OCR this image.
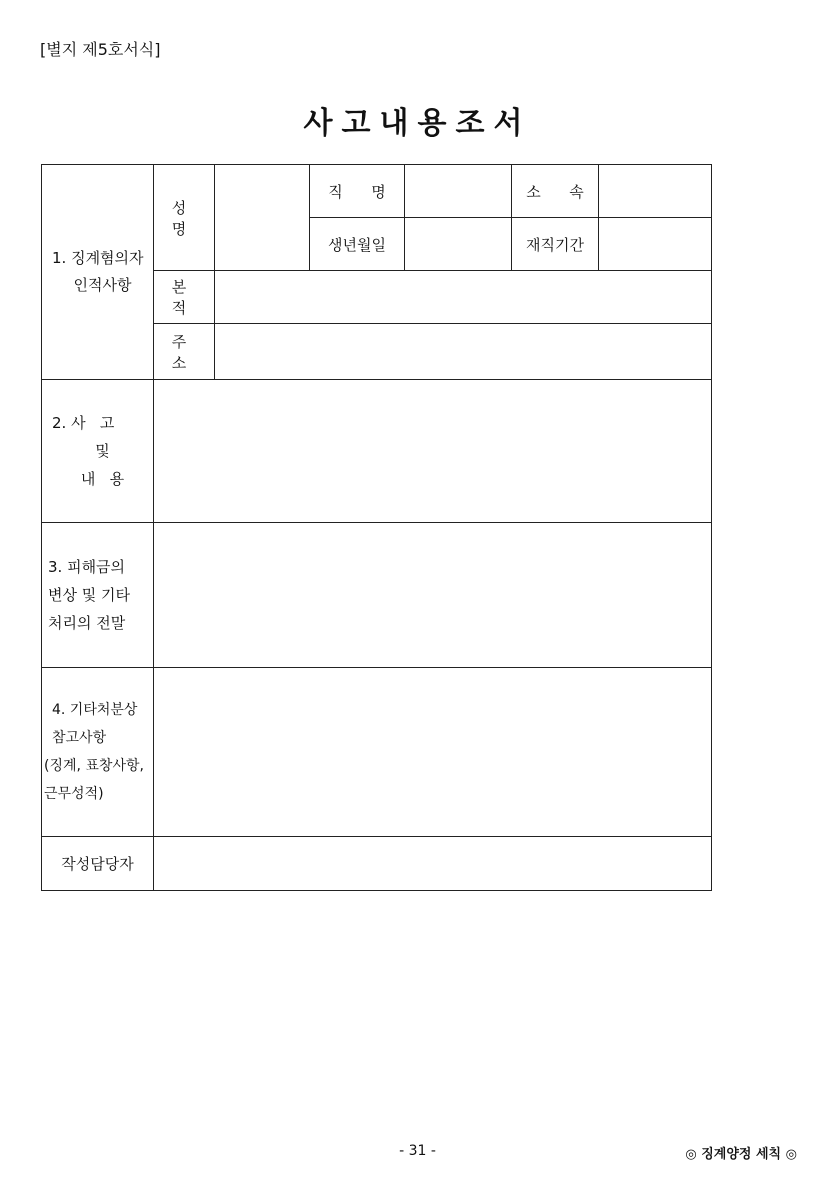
[별지 제5호서식]
사고내용조서
1. 징계혐의자
인적사항	성 명		직      명		소      속	
			생년월일		재직기간	
	본 적					
	주 소					

2. 사   고
및
내   용						

3. 피해금의
변상 및 기타
처리의 전말						

4. 기타처분상
참고사항
(징계, 표창사항,
근무성적)						

작성담당자						
- 31 -	◎ 징계양정 세칙 ◎
